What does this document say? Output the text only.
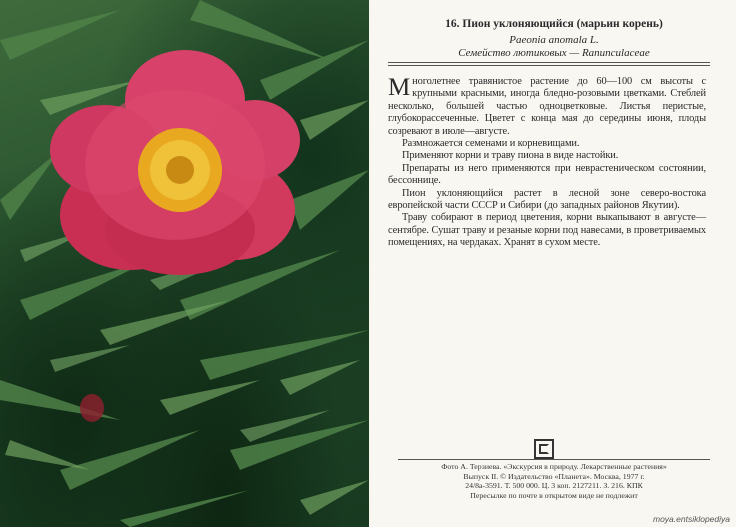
16. Пион уклоняющийся (марьин корень)
Paeonia anomala L.
Семейство лютиковых — Ranunculaceae

Многолетнее травянистое растение до 60—100 см высоты с крупными красными, иногда бледно-розовыми цветками. Стеблей несколько, большей частью одноцветковые. Листья перистые, глубокорассеченные. Цветет с конца мая до середины июня, плоды созревают в июле—августе.

Размножается семенами и корневищами.

Применяют корни и траву пиона в виде настойки.

Препараты из него применяются при неврастеническом состоянии, бессоннице.

Пион уклоняющийся растет в лесной зоне северо-востока европейской части СССР и Сибири (до западных районов Якутии).

Траву собирают в период цветения, корни выкапывают в августе—сентябре. Сушат траву и резаные корни под навесами, в проветриваемых помещениях, на чердаках. Хранят в сухом месте.

Фото А. Терзиева. «Экскурсия в природу. Лекарственные растения»
Выпуск II. © Издательство «Планета». Москва, 1977 г.
24/8а-3591. Т. 500 000. Ц. 3 коп. 2127211. З. 216. КПК
Пересылке по почте в открытом виде не подлежит
moya.entsiklopediya
